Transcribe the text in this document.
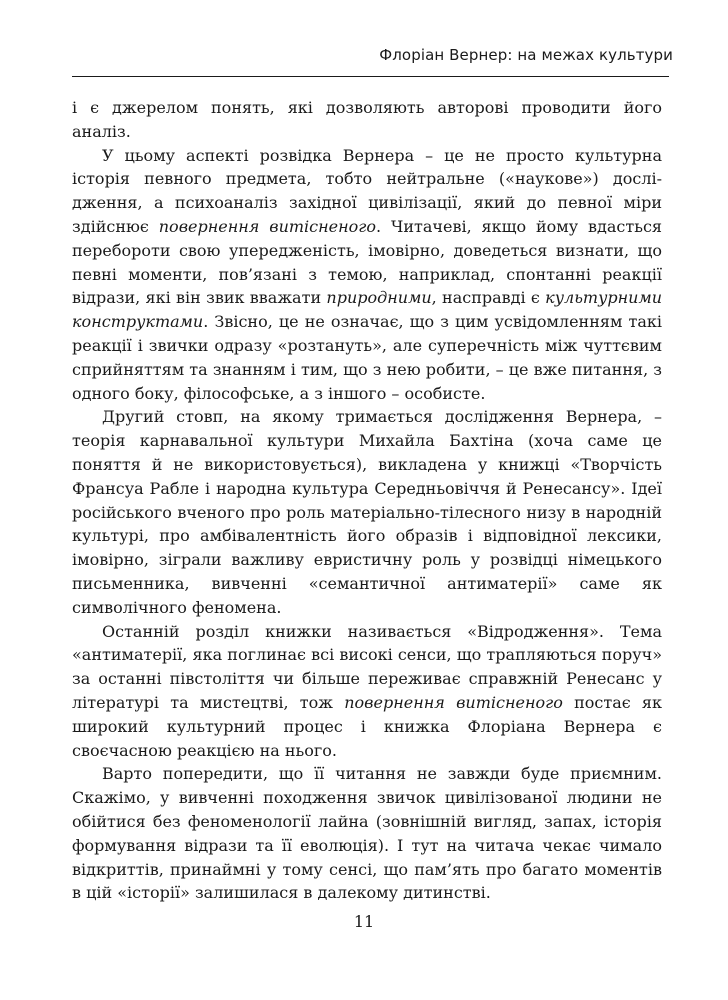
Флоріан Вернер: на межах культури

і є джерелом понять, які дозволяють авторові проводити його аналіз.

У цьому аспекті розвідка Вернера – це не просто культурна історія певного предмета, тобто нейтральне («наукове») дослідження, а психоаналіз західної цивілізації, який до певної міри здійснює повернення витісненого. Читачеві, якщо йому вдасться перебороти свою упередженість, імовірно, доведеться визнати, що певні моменти, пов’язані з темою, наприклад, спонтанні реакції відрази, які він звик вважати природними, насправді є культурними конструктами. Звісно, це не означає, що з цим усвідомленням такі реакції і звички одразу «розтануть», але суперечність між чуттєвим сприйняттям та знанням і тим, що з нею робити, – це вже питання, з одного боку, філософське, а з іншого – особисте.

Другий стовп, на якому тримається дослідження Вернера, – теорія карнавальної культури Михайла Бахтіна (хоча саме це поняття й не використовується), викладена у книжці «Творчість Франсуа Рабле і народна культура Середньовіччя й Ренесансу». Ідеї російського вченого про роль матеріально-тілесного низу в народній культурі, про амбівалентність його образів і відповідної лексики, імовірно, зіграли важливу евристичну роль у розвідці німецького письменника, вивченні «семантичної антиматерії» саме як символічного феномена.

Останній розділ книжки називається «Відродження». Тема «антиматерії, яка поглинає всі високі сенси, що трапляються поруч» за останні півстоліття чи більше переживає справжній Ренесанс у літературі та мистецтві, тож повернення витісненого постає як широкий культурний процес і книжка Флоріана Вернера є своєчасною реакцією на нього.

Варто попередити, що її читання не завжди буде приємним. Скажімо, у вивченні походження звичок цивілізованої людини не обійтися без феноменології лайна (зовнішній вигляд, запах, історія формування відрази та її еволюція). І тут на читача чекає чимало відкриттів, принаймні у тому сенсі, що пам’ять про багато моментів в цій «історії» залишилася в далекому дитинстві.

11
